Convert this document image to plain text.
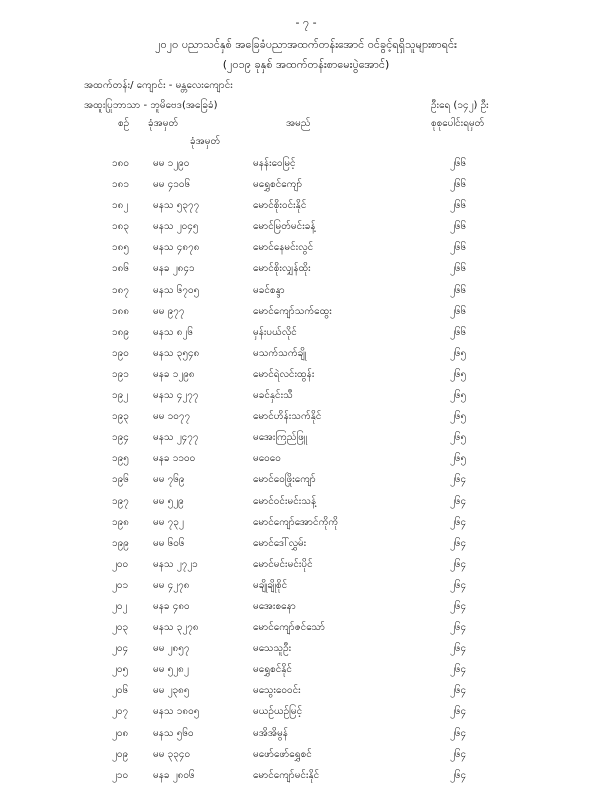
- ၇ -
၂၀၂၀ ပညာသင်နှစ် အခြေခံပညာအထက်တန်းအောင် ဝင်ခွင့်ရရှိသူများစာရင်း
(၂၀၁၉ ခုနှစ် အထက်တန်းစာမေးပွဲအောင်)
အထက်တန်း/ ကျောင်း - မန္တလေးကျောင်း
အထူးပြုဘာသာ - ဘူမိဗေဒ(အခြေခံ)	ဦးရေ (၁၄၂) ဦး
စဉ် ခုံအမှတ်	အမည်	စုစုပေါင်းရမှတ်
ခုံအမှတ်
၁၈၀ မမ ၁၂၉၀	မနန်းဝေမြင့်	၂၆၆
၁၈၁ မမ ၄၁၀၆	မရွှေစင်ကျော်	၂၆၆
၁၈၂ မနသ ၅၃၇၇	မောင်စိုးဝင်းနိုင်	၂၆၆
၁၈၃ မနသ ၂၀၄၅	မောင်မြတ်မင်းခန့်	၂၆၆
၁၈၅ မနသ ၄၈၇၈	မောင်နေမင်းလွင်	၂၆၆
၁၈၆ မနခ ၂၈၄၁	မောင်စိုးလျှန်ထိုး	၂၆၆
၁၈၇ မနသ ၆၇၀၅	မခင်စန္ဒာ	၂၆၆
၁၈၈ မမ ၉၇၇	မောင်ကျော်သက်ထွေး	၂၆၆
၁၈၉ မနသ ၈၂၆	မှန်းပယ်လိုင်	၂၆၆
၁၉၀ မနသ ၃၅၄၈	မသက်သက်ချို	၂၆၅
၁၉၁ မနခ ၁၂၉၈	မောင်ရဲလင်းထွန်း	၂၆၅
၁၉၂ မနသ ၄၂၇၇	မခင်နှင်းသီ	၂၆၅
၁၉၃ မမ ၁၀၇၇	မောင်ဟိန်းသက်နိုင်	၂၆၅
၁၉၄ မနသ ၂၄၇၇	မအေးကြည်ဖြူ	၂၆၅
၁၉၅ မနခ ၁၁၀၀	မဝေဝေ	၂၆၅
၁၉၆ မမ ၇၆၉	မောင်ဝေဖြိုးကျော်	၂၆၄
၁၉၇ မမ ၅၂၉	မောင်ဝင်းမင်းသန့်	၂၆၄
၁၉၈ မမ ၇၃၂	မောင်ကျော်အောင်ကိုကို	၂၆၄
၁၉၉ မမ ၆၀၆	မောင်ဒေါ်လွှမ်း	၂၆၄
၂၀၀ မနသ ၂၇၂၁	မောင်မင်းမင်းပိုင်	၂၆၄
၂၀၁ မမ ၄၂၇၈	မချိုချိုစိုင်	၂၆၄
၂၀၂	မနခ ၄၈၀	မအေးစနော	၂၆၄
၂၀၃ မနသ ၃၂၇၈	မောင်ကျော်ဇင်သော်	၂၆၄
၂၀၄ မမ ၂၈၅၇	မသေသူဦး	၂၆၄
၂၀၅ မမ ၅၂၈၂	မရွှေစင်နိုင်	၂၆၄
၂၀၆ မမ ၂၃၈၅	မသွေးဝေဝင်း	၂၆၄
၂၀၇ မနသ ၁၈၀၅	မယဉ်ယဉ်မြင့်	၂၆၄
၂၀၈ မနသ ၅၆၀	မအိအိမွန်	၂၆၄
၂၀၉ မမ ၃၃၄၀	မဖော်ဖော်ရွှေစင်	၂၆၄
၂၁၀ မနခ ၂၈၀၆	မောင်ကျော်မင်းနိုင်	၂၆၄
